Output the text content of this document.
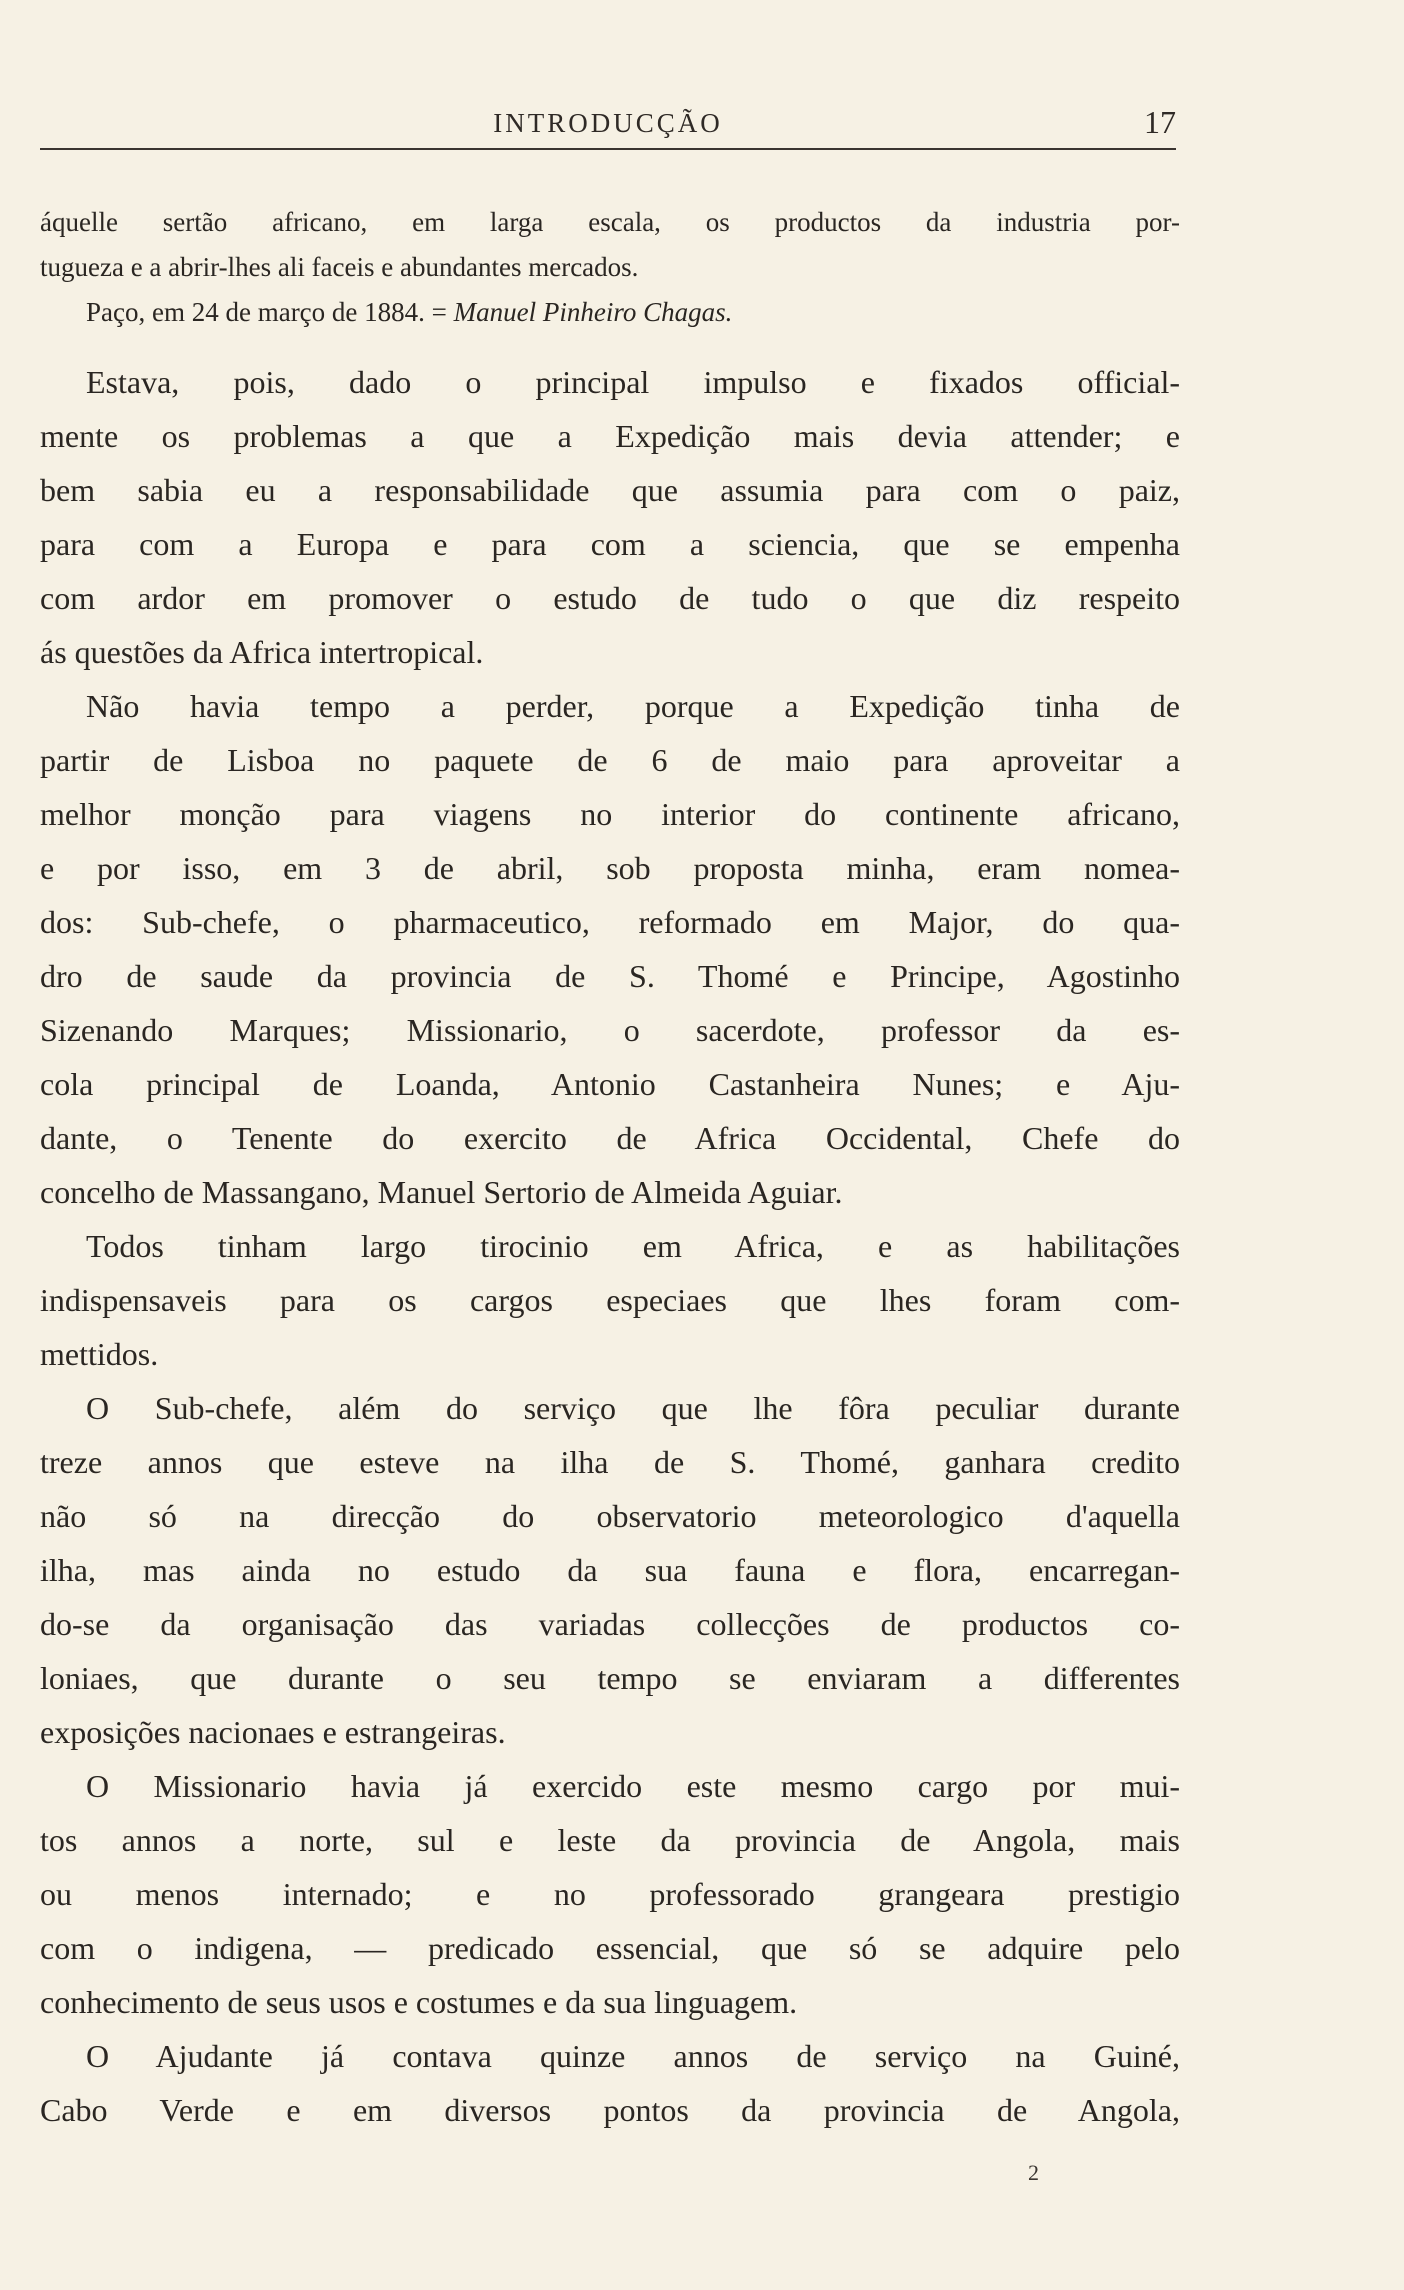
INTRODUCÇÃO	17
áquelle sertão africano, em larga escala, os productos da industria por-
tugueza e a abrir-lhes ali faceis e abundantes mercados.
Paço, em 24 de março de 1884. = Manuel Pinheiro Chagas.
Estava, pois, dado o principal impulso e fixados official-
mente os problemas a que a Expedição mais devia attender; e
bem sabia eu a responsabilidade que assumia para com o paiz,
para com a Europa e para com a sciencia, que se empenha
com ardor em promover o estudo de tudo o que diz respeito
ás questões da Africa intertropical.
Não havia tempo a perder, porque a Expedição tinha de
partir de Lisboa no paquete de 6 de maio para aproveitar a
melhor monção para viagens no interior do continente africano,
e por isso, em 3 de abril, sob proposta minha, eram nomea-
dos: Sub-chefe, o pharmaceutico, reformado em Major, do qua-
dro de saude da provincia de S. Thomé e Principe, Agostinho
Sizenando Marques; Missionario, o sacerdote, professor da es-
cola principal de Loanda, Antonio Castanheira Nunes; e Aju-
dante, o Tenente do exercito de Africa Occidental, Chefe do
concelho de Massangano, Manuel Sertorio de Almeida Aguiar.
Todos tinham largo tirocinio em Africa, e as habilitações
indispensaveis para os cargos especiaes que lhes foram com-
mettidos.
O Sub-chefe, além do serviço que lhe fôra peculiar durante
treze annos que esteve na ilha de S. Thomé, ganhara credito
não só na direcção do observatorio meteorologico d'aquella
ilha, mas ainda no estudo da sua fauna e flora, encarregan-
do-se da organisação das variadas collecções de productos co-
loniaes, que durante o seu tempo se enviaram a differentes
exposições nacionaes e estrangeiras.
O Missionario havia já exercido este mesmo cargo por mui-
tos annos a norte, sul e leste da provincia de Angola, mais
ou menos internado; e no professorado grangeara prestigio
com o indigena, — predicado essencial, que só se adquire pelo
conhecimento de seus usos e costumes e da sua linguagem.
O Ajudante já contava quinze annos de serviço na Guiné,
Cabo Verde e em diversos pontos da provincia de Angola,
2
